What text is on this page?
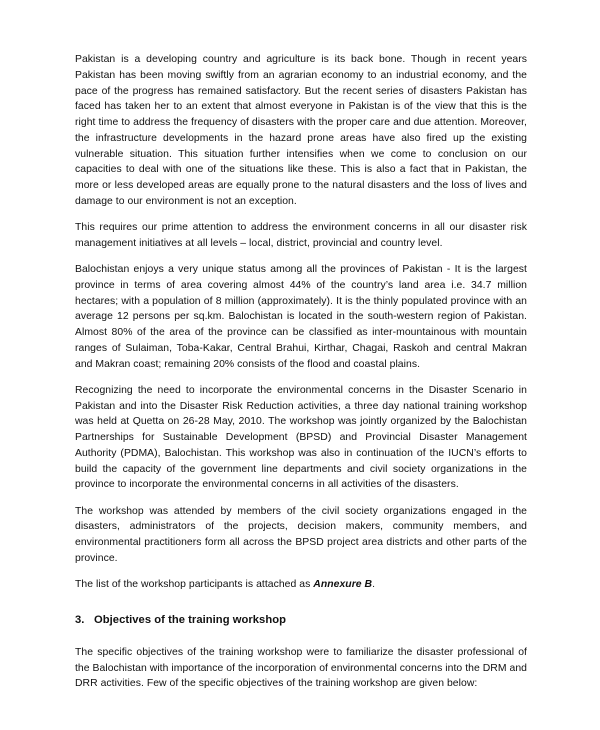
Pakistan is a developing country and agriculture is its back bone. Though in recent years Pakistan has been moving swiftly from an agrarian economy to an industrial economy, and the pace of the progress has remained satisfactory. But the recent series of disasters Pakistan has faced has taken her to an extent that almost everyone in Pakistan is of the view that this is the right time to address the frequency of disasters with the proper care and due attention. Moreover, the infrastructure developments in the hazard prone areas have also fired up the existing vulnerable situation. This situation further intensifies when we come to conclusion on our capacities to deal with one of the situations like these. This is also a fact that in Pakistan, the more or less developed areas are equally prone to the natural disasters and the loss of lives and damage to our environment is not an exception.

This requires our prime attention to address the environment concerns in all our disaster risk management initiatives at all levels – local, district, provincial and country level.

Balochistan enjoys a very unique status among all the provinces of Pakistan - It is the largest province in terms of area covering almost 44% of the country’s land area i.e. 34.7 million hectares; with a population of 8 million (approximately). It is the thinly populated province with an average 12 persons per sq.km. Balochistan is located in the south-western region of Pakistan. Almost 80% of the area of the province can be classified as inter-mountainous with mountain ranges of Sulaiman, Toba-Kakar, Central Brahui, Kirthar, Chagai, Raskoh and central Makran and Makran coast; remaining 20% consists of the flood and coastal plains.

Recognizing the need to incorporate the environmental concerns in the Disaster Scenario in Pakistan and into the Disaster Risk Reduction activities, a three day national training workshop was held at Quetta on 26-28 May, 2010. The workshop was jointly organized by the Balochistan Partnerships for Sustainable Development (BPSD) and Provincial Disaster Management Authority (PDMA), Balochistan. This workshop was also in continuation of the IUCN’s efforts to build the capacity of the government line departments and civil society organizations in the province to incorporate the environmental concerns in all activities of the disasters.

The workshop was attended by members of the civil society organizations engaged in the disasters, administrators of the projects, decision makers, community members, and environmental practitioners form all across the BPSD project area districts and other parts of the province.

The list of the workshop participants is attached as Annexure B.

3. Objectives of the training workshop

The specific objectives of the training workshop were to familiarize the disaster professional of the Balochistan with importance of the incorporation of environmental concerns into the DRM and DRR activities. Few of the specific objectives of the training workshop are given below:
